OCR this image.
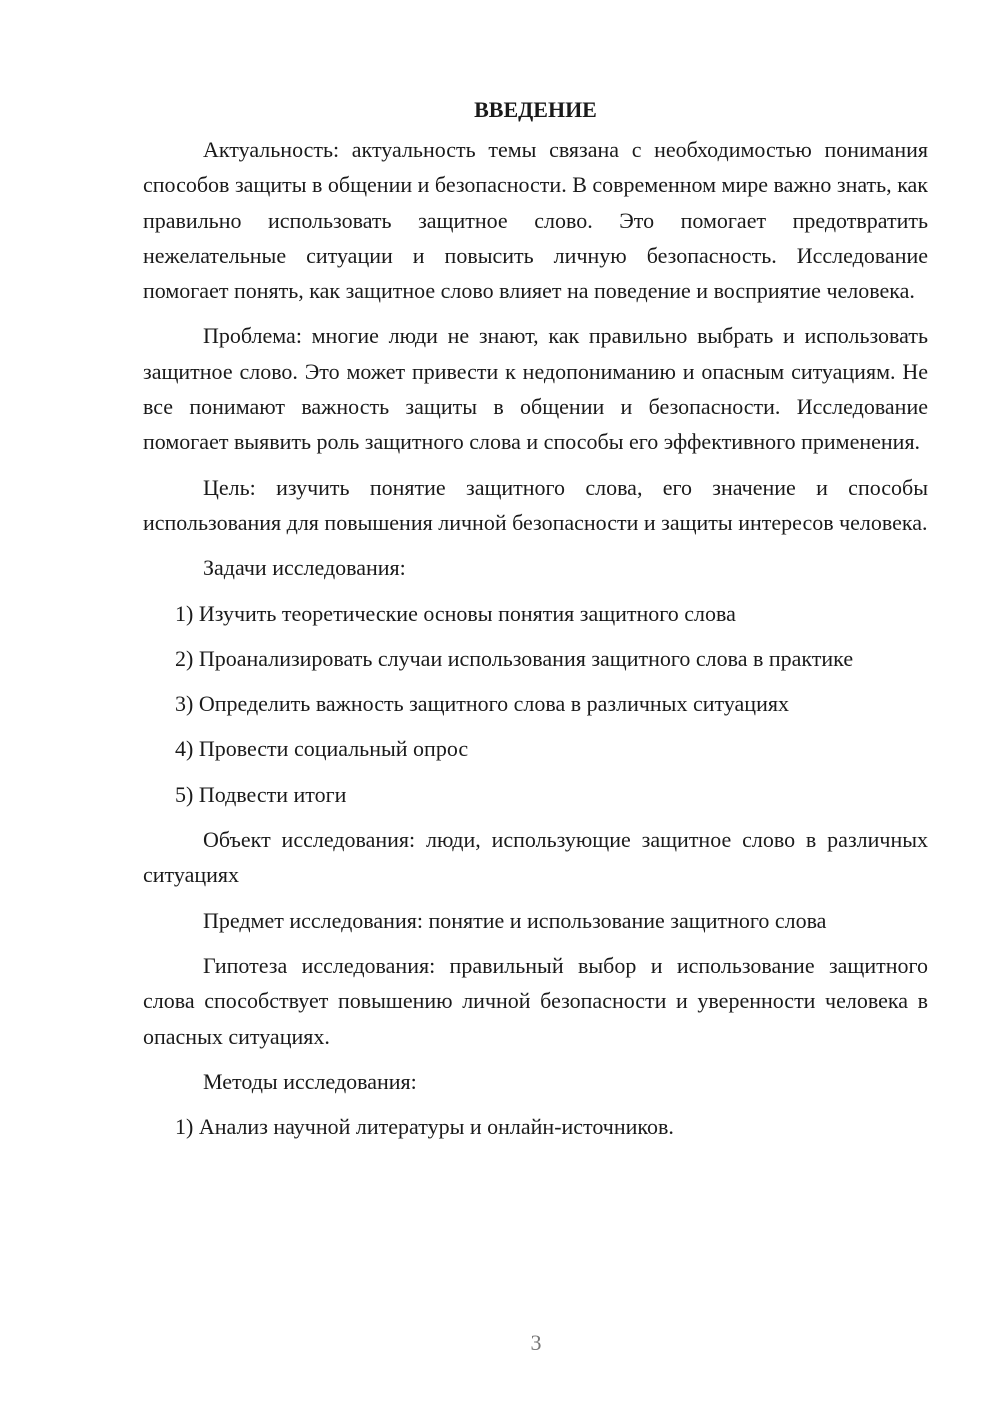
ВВЕДЕНИЕ

Актуальность: актуальность темы связана с необходимостью понимания способов защиты в общении и безопасности. В современном мире важно знать, как правильно использовать защитное слово. Это помогает предотвратить нежелательные ситуации и повысить личную безопасность. Исследование помогает понять, как защитное слово влияет на поведение и восприятие человека.

Проблема: многие люди не знают, как правильно выбрать и использовать защитное слово. Это может привести к недопониманию и опасным ситуациям. Не все понимают важность защиты в общении и безопасности. Исследование помогает выявить роль защитного слова и способы его эффективного применения.

Цель: изучить понятие защитного слова, его значение и способы использования для повышения личной безопасности и защиты интересов человека.

Задачи исследования:

1) Изучить теоретические основы понятия защитного слова

2) Проанализировать случаи использования защитного слова в практике

3) Определить важность защитного слова в различных ситуациях

4) Провести социальный опрос

5) Подвести итоги

Объект исследования: люди, использующие защитное слово в различных ситуациях

Предмет исследования: понятие и использование защитного слова

Гипотеза исследования: правильный выбор и использование защитного слова способствует повышению личной безопасности и уверенности человека в опасных ситуациях.

Методы исследования:

1) Анализ научной литературы и онлайн-источников.

3
